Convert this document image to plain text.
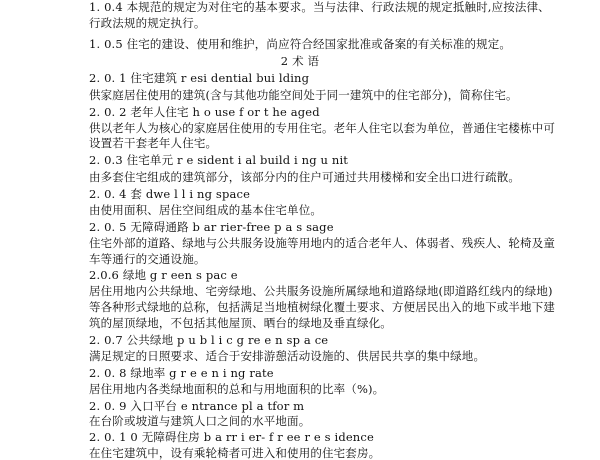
1. 0.4 本规范的规定为对住宅的基本要求。当与法律、行政法规的规定抵触时,应按法律、
行政法规的规定执行。
1. 0.5 住宅的建设、使用和维护，尚应符合经国家批准或备案的有关标准的规定。
2 术 语
2. 0. 1 住宅建筑 r esi dential bui lding
供家庭居住使用的建筑(含与其他功能空间处于同一建筑中的住宅部分)，简称住宅。
2. 0. 2 老年人住宅 h o use f or t he aged
供以老年人为核心的家庭居住使用的专用住宅。老年人住宅以套为单位，普通住宅楼栋中可
设置若干套老年人住宅。
2. 0.3 住宅单元 r e sident i al build i ng u nit
由多套住宅组成的建筑部分，该部分内的住户可通过共用楼梯和安全出口进行疏散。
2. 0. 4 套 dwe l l i ng space
由使用面积、居住空间组成的基本住宅单位。
2. 0. 5 无障碍通路 b ar rier-free p a s sage
住宅外部的道路、绿地与公共服务设施等用地内的适合老年人、体弱者、残疾人、轮椅及童
车等通行的交通设施。
2.0.6 绿地 g r een s pac e
居住用地内公共绿地、宅旁绿地、公共服务设施所属绿地和道路绿地(即道路红线内的绿地)
等各种形式绿地的总称，包括满足当地植树绿化覆土要求、方便居民出入的地下或半地下建
筑的屋顶绿地，不包括其他屋顶、晒台的绿地及垂直绿化。
2. 0.7 公共绿地 p u b l i c g re e n sp a ce
满足规定的日照要求、适合于安排游憩活动设施的、供居民共享的集中绿地。
2. 0. 8 绿地率 g r e e n i ng rate
居住用地内各类绿地面积的总和与用地面积的比率（%)。
2. 0. 9 入口平台 e ntrance pl a tfor m
在台阶或坡道与建筑人口之间的水平地面。
2. 0. 1 0 无障碍住房 b a rr i er- f r ee r e s idence
在住宅建筑中，设有乘轮椅者可进入和使用的住宅套房。
